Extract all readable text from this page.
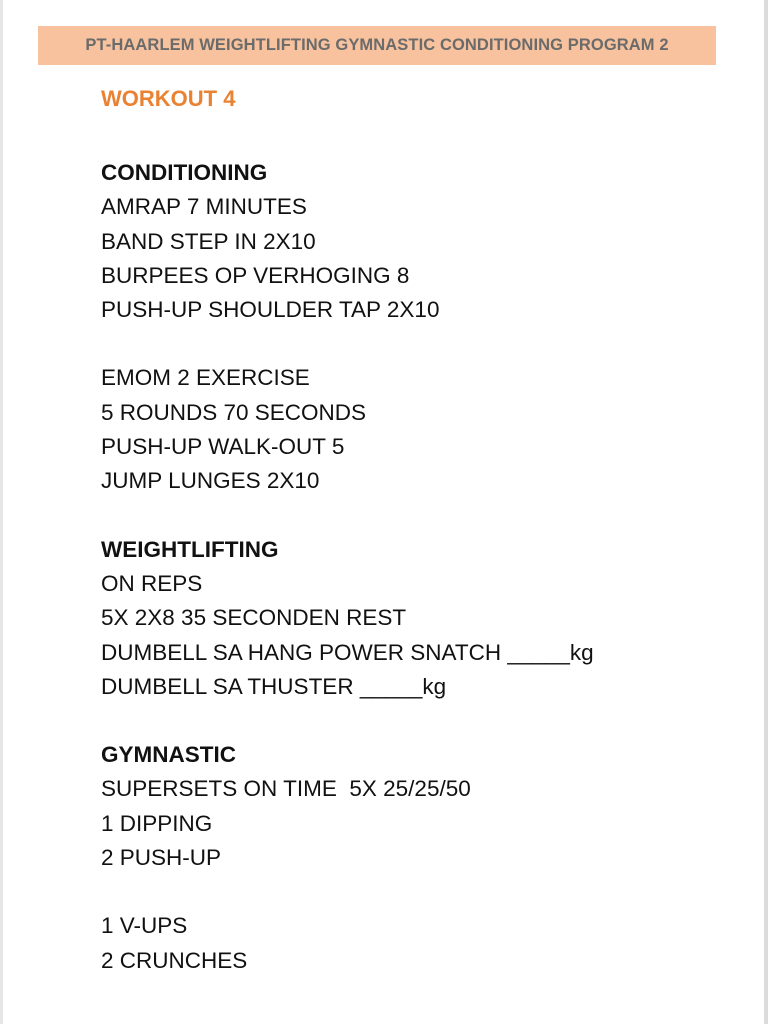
PT-HAARLEM WEIGHTLIFTING GYMNASTIC CONDITIONING PROGRAM 2
WORKOUT 4
CONDITIONING
AMRAP 7 MINUTES
BAND STEP IN 2X10
BURPEES OP VERHOGING 8
PUSH-UP SHOULDER TAP 2X10
EMOM 2 EXERCISE
5 ROUNDS 70 SECONDS
PUSH-UP WALK-OUT 5
JUMP LUNGES 2X10
WEIGHTLIFTING
ON REPS
5X 2X8 35 SECONDEN REST
DUMBELL SA HANG POWER SNATCH _____kg
DUMBELL SA THUSTER _____kg
GYMNASTIC
SUPERSETS ON TIME  5X 25/25/50
1 DIPPING
2 PUSH-UP
1 V-UPS
2 CRUNCHES
